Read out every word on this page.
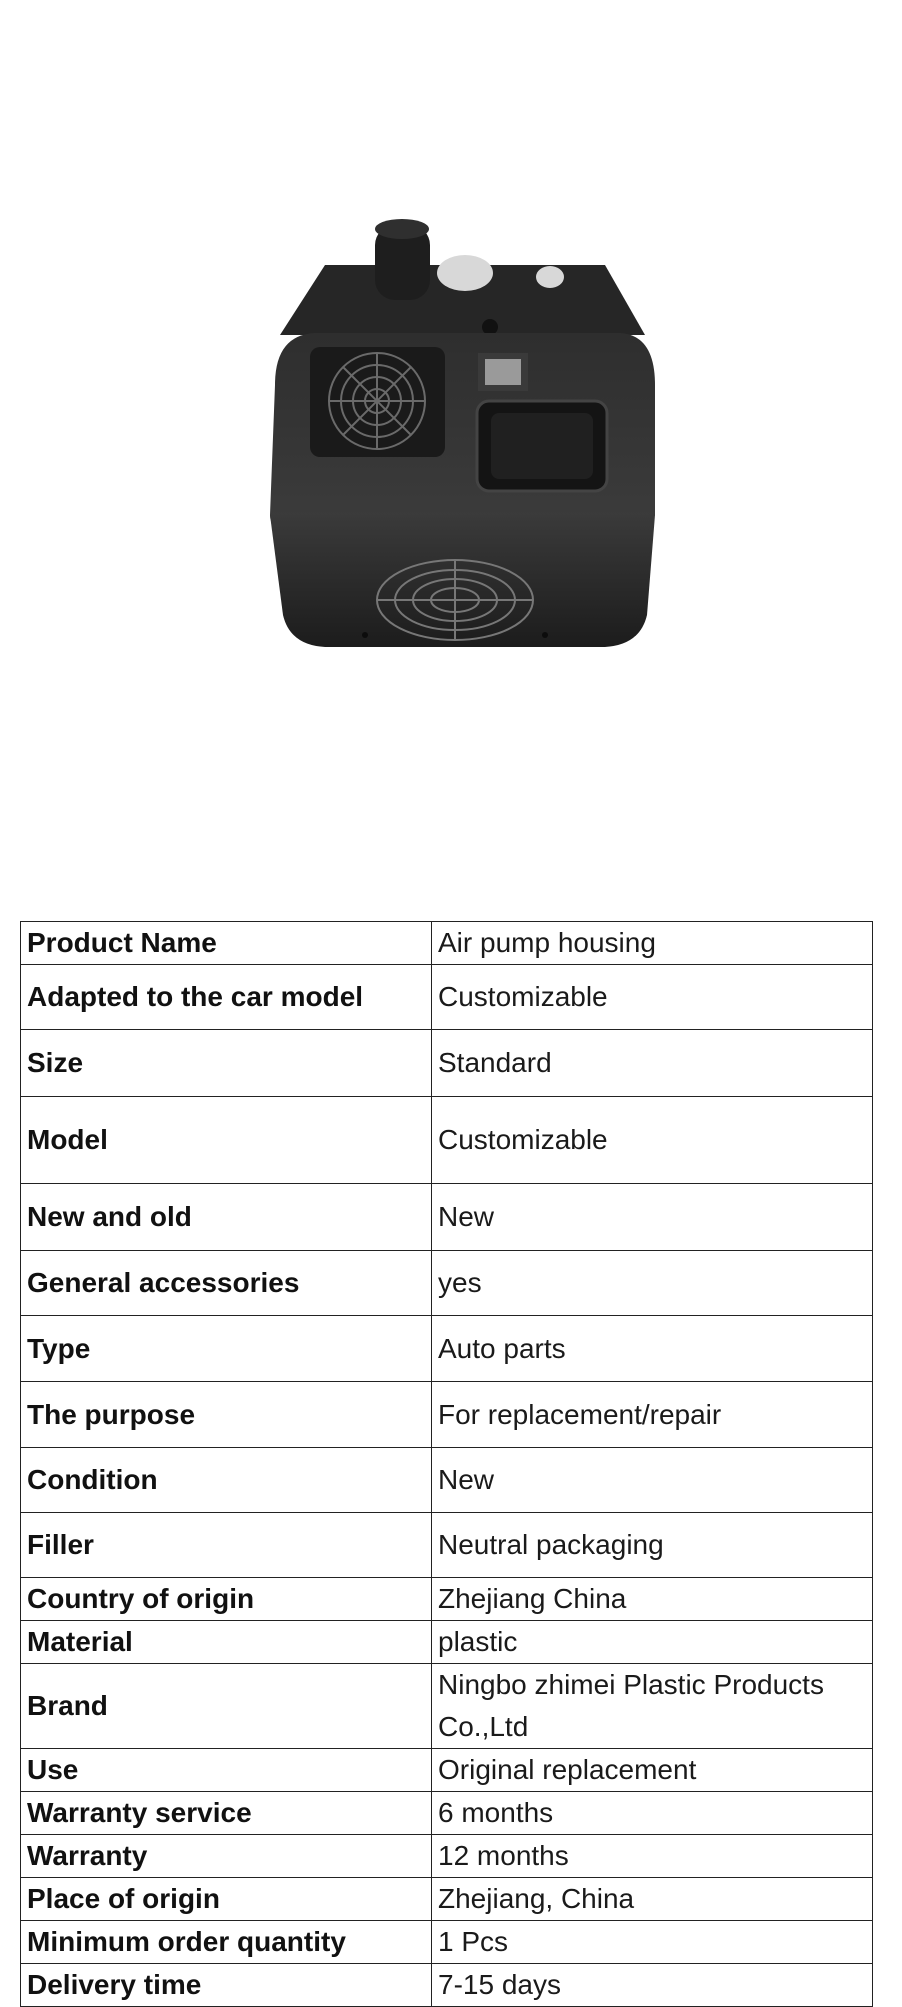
Product Name	Air pump housing
Adapted to the car model	Customizable
Size	Standard
Model	Customizable
New and old	New
General accessories	yes
Type	Auto parts
The purpose	For replacement/repair
Condition	New
Filler	Neutral packaging
Country of origin	Zhejiang China
Material	plastic
Brand	Ningbo zhimei Plastic Products Co.,Ltd
Use	Original replacement
Warranty service	6 months
Warranty	12 months
Place of origin	Zhejiang, China
Minimum order quantity	1 Pcs
Delivery time	7-15 days
